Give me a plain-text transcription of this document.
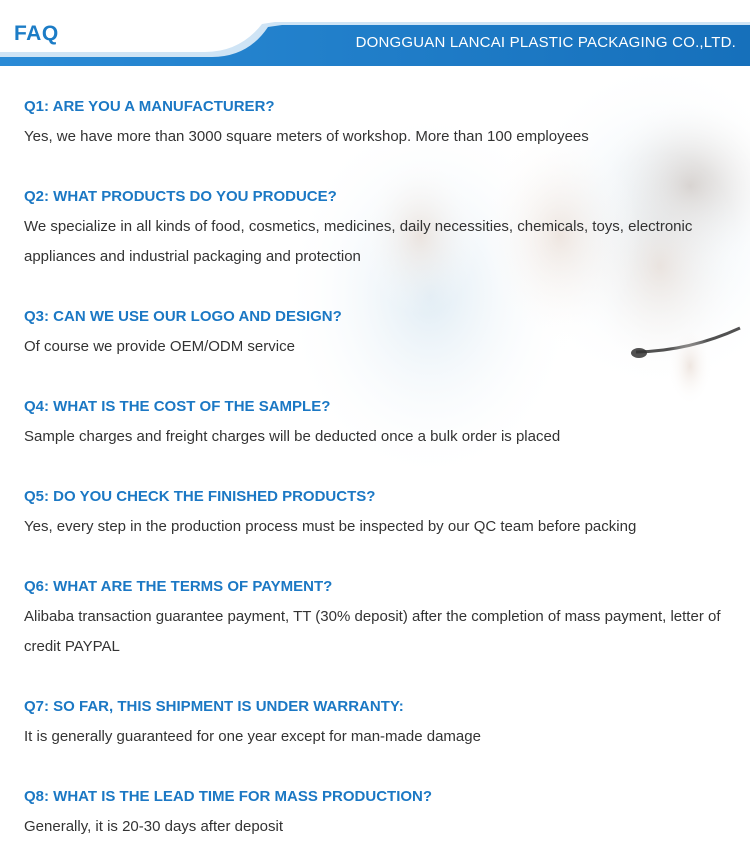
FAQ	DONGGUAN LANCAI PLASTIC PACKAGING CO.,LTD.
Q1: ARE YOU A MANUFACTURER?
Yes, we have more than 3000 square meters of workshop. More than 100 employees
Q2: WHAT PRODUCTS DO YOU PRODUCE?
We specialize in all kinds of food, cosmetics, medicines, daily necessities, chemicals, toys, electronic appliances and industrial packaging and protection
Q3: CAN WE USE OUR LOGO AND DESIGN?
Of course we provide OEM/ODM service
Q4: WHAT IS THE COST OF THE SAMPLE?
Sample charges and freight charges will be deducted once a bulk order is placed
Q5: DO YOU CHECK THE FINISHED PRODUCTS?
Yes, every step in the production process must be inspected by our QC team before packing
Q6: WHAT ARE THE TERMS OF PAYMENT?
Alibaba transaction guarantee payment, TT (30% deposit) after the completion of mass payment, letter of credit PAYPAL
Q7: SO FAR, THIS SHIPMENT IS UNDER WARRANTY:
It is generally guaranteed for one year except for man-made damage
Q8: WHAT IS THE LEAD TIME FOR MASS PRODUCTION?
Generally, it is 20-30 days after deposit
